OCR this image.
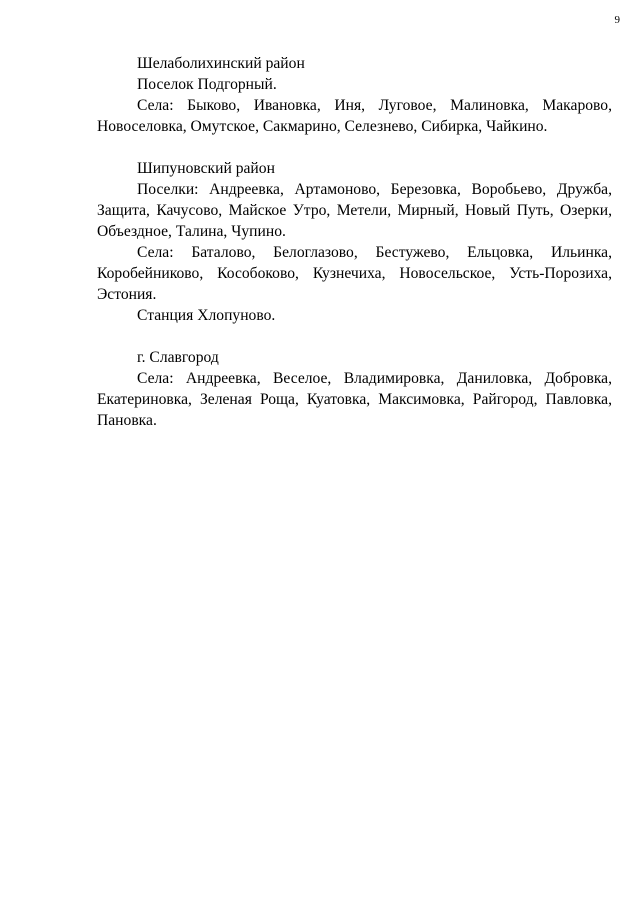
9

Шелаболихинский район

Поселок Подгорный.

Села: Быково, Ивановка, Иня, Луговое, Малиновка, Макарово, Новоселовка, Омутское, Сакмарино, Селезнево, Сибирка, Чайкино.

Шипуновский район

Поселки: Андреевка, Артамоново, Березовка, Воробьево, Дружба, Защита, Качусово, Майское Утро, Метели, Мирный, Новый Путь, Озерки, Объездное, Талина, Чупино.

Села: Баталово, Белоглазово, Бестужево, Ельцовка, Ильинка, Коробейниково, Кособоково, Кузнечиха, Новосельское, Усть-Порозиха, Эстония.

Станция Хлопуново.

г. Славгород

Села: Андреевка, Веселое, Владимировка, Даниловка, Добровка, Екатериновка, Зеленая Роща, Куатовка, Максимовка, Райгород, Павловка, Пановка.
